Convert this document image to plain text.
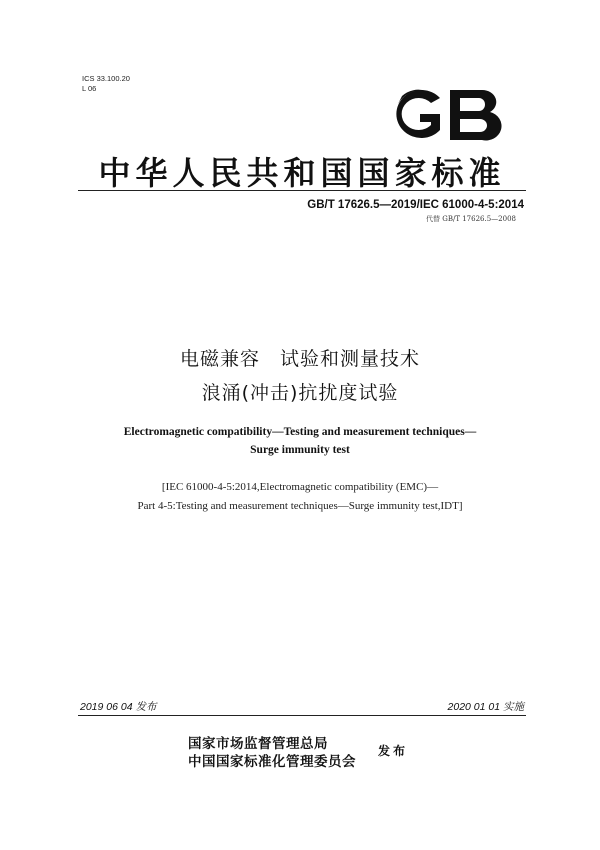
ICS 33.100.20
L 06
中华人民共和国国家标准
GB/T 17626.5—2019/IEC 61000-4-5:2014
代替 GB/T 17626.5—2008
电磁兼容　试验和测量技术
浪涌(冲击)抗扰度试验
Electromagnetic compatibility—Testing and measurement techniques—
Surge immunity test
[IEC 61000-4-5:2014,Electromagnetic compatibility (EMC)—
Part 4-5:Testing and measurement techniques—Surge immunity test,IDT]
2019 06 04 发布	2020 01 01 实施
国家市场监督管理总局
中国国家标准化管理委员会
发布
